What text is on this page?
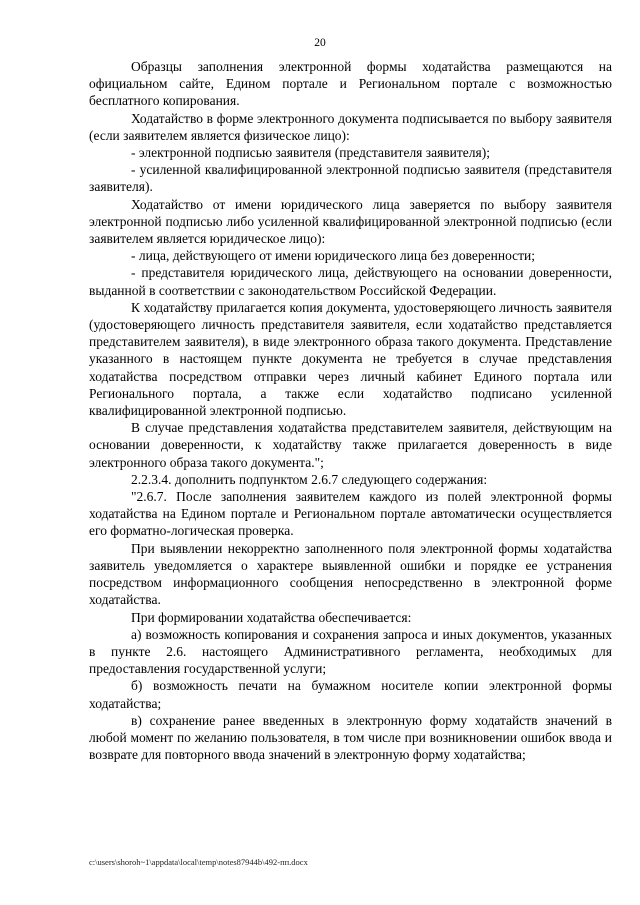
20

Образцы заполнения электронной формы ходатайства размещаются на официальном сайте, Едином портале и Региональном портале с возможностью бесплатного копирования.

Ходатайство в форме электронного документа подписывается по выбору заявителя (если заявителем является физическое лицо):

- электронной подписью заявителя (представителя заявителя);

- усиленной квалифицированной электронной подписью заявителя (представителя заявителя).

Ходатайство от имени юридического лица заверяется по выбору заявителя электронной подписью либо усиленной квалифицированной электронной подписью (если заявителем является юридическое лицо):

- лица, действующего от имени юридического лица без доверенности;

- представителя юридического лица, действующего на основании доверенности, выданной в соответствии с законодательством Российской Федерации.

К ходатайству прилагается копия документа, удостоверяющего личность заявителя (удостоверяющего личность представителя заявителя, если ходатайство представляется представителем заявителя), в виде электронного образа такого документа. Представление указанного в настоящем пункте документа не требуется в случае представления ходатайства посредством отправки через личный кабинет Единого портала или Регионального портала, а также если ходатайство подписано усиленной квалифицированной электронной подписью.

В случае представления ходатайства представителем заявителя, действующим на основании доверенности, к ходатайству также прилагается доверенность в виде электронного образа такого документа.";

2.2.3.4. дополнить подпунктом 2.6.7 следующего содержания:

"2.6.7. После заполнения заявителем каждого из полей электронной формы ходатайства на Едином портале и Региональном портале автоматически осуществляется его форматно-логическая проверка.

При выявлении некорректно заполненного поля электронной формы ходатайства заявитель уведомляется о характере выявленной ошибки и порядке ее устранения посредством информационного сообщения непосредственно в электронной форме ходатайства.

При формировании ходатайства обеспечивается:

а) возможность копирования и сохранения запроса и иных документов, указанных в пункте 2.6. настоящего Административного регламента, необходимых для предоставления государственной услуги;

б) возможность печати на бумажном носителе копии электронной формы ходатайства;

в) сохранение ранее введенных в электронную форму ходатайств значений в любой момент по желанию пользователя, в том числе при возникновении ошибок ввода и возврате для повторного ввода значений в электронную форму ходатайства;

c:\users\shoroh~1\appdata\local\temp\notes87944b\492-пп.docx
